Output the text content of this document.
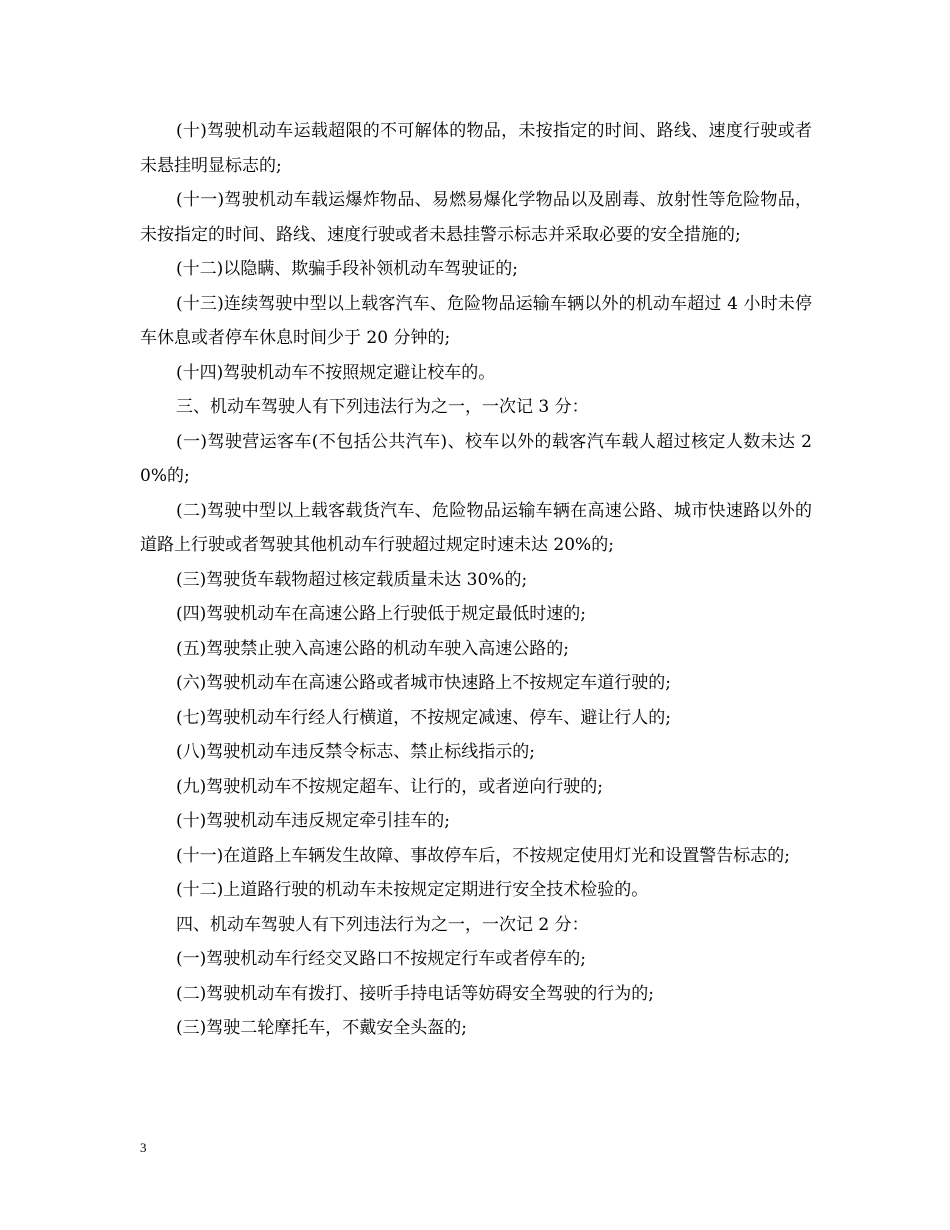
(十)驾驶机动车运载超限的不可解体的物品，未按指定的时间、路线、速度行驶或者未悬挂明显标志的;

(十一)驾驶机动车载运爆炸物品、易燃易爆化学物品以及剧毒、放射性等危险物品，未按指定的时间、路线、速度行驶或者未悬挂警示标志并采取必要的安全措施的;

(十二)以隐瞒、欺骗手段补领机动车驾驶证的;

(十三)连续驾驶中型以上载客汽车、危险物品运输车辆以外的机动车超过 4 小时未停车休息或者停车休息时间少于 20 分钟的;

(十四)驾驶机动车不按照规定避让校车的。

三、机动车驾驶人有下列违法行为之一，一次记 3 分：

(一)驾驶营运客车(不包括公共汽车)、校车以外的载客汽车载人超过核定人数未达 20%的;

(二)驾驶中型以上载客载货汽车、危险物品运输车辆在高速公路、城市快速路以外的道路上行驶或者驾驶其他机动车行驶超过规定时速未达 20%的;

(三)驾驶货车载物超过核定载质量未达 30%的;

(四)驾驶机动车在高速公路上行驶低于规定最低时速的;

(五)驾驶禁止驶入高速公路的机动车驶入高速公路的;

(六)驾驶机动车在高速公路或者城市快速路上不按规定车道行驶的;

(七)驾驶机动车行经人行横道，不按规定减速、停车、避让行人的;

(八)驾驶机动车违反禁令标志、禁止标线指示的;

(九)驾驶机动车不按规定超车、让行的，或者逆向行驶的;

(十)驾驶机动车违反规定牵引挂车的;

(十一)在道路上车辆发生故障、事故停车后，不按规定使用灯光和设置警告标志的;

(十二)上道路行驶的机动车未按规定定期进行安全技术检验的。

四、机动车驾驶人有下列违法行为之一，一次记 2 分：

(一)驾驶机动车行经交叉路口不按规定行车或者停车的;

(二)驾驶机动车有拨打、接听手持电话等妨碍安全驾驶的行为的;

(三)驾驶二轮摩托车，不戴安全头盔的;

3
